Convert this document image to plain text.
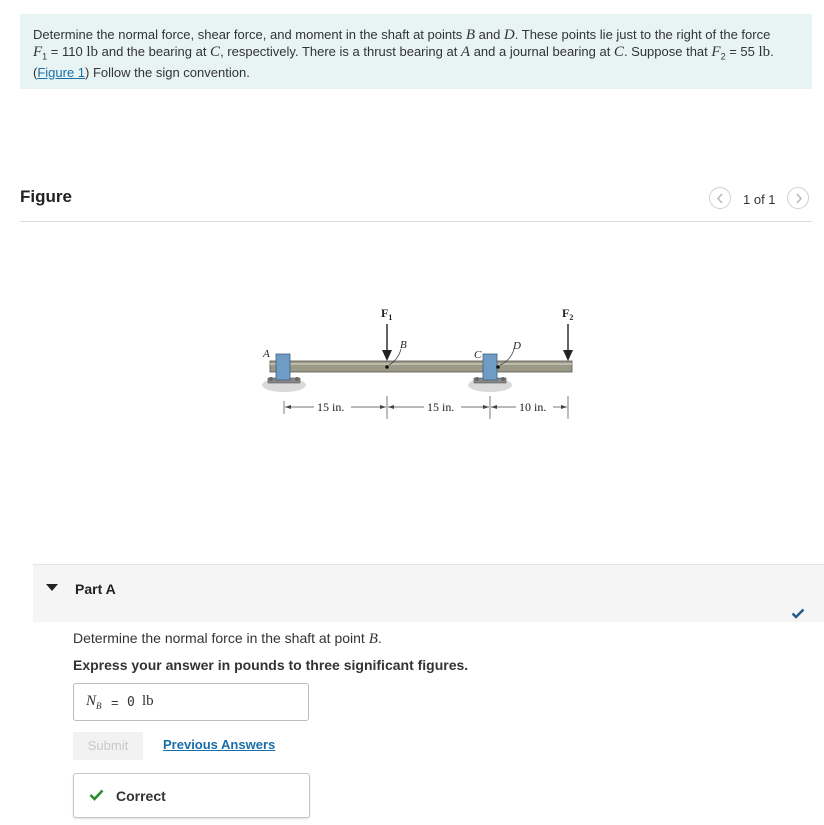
Determine the normal force, shear force, and moment in the shaft at points B and D. These points lie just to the right of the force
$F_1 = 110$ lb and the bearing at C, respectively. There is a thrust bearing at A and a journal bearing at C. Suppose that $F_2 = 55$ lb.
(Figure 1) Follow the sign convention.
Figure	1 of 1
$F_1$	$F_2$
A
B
C
D
15 in.	15 in.	10 in.
Part A
Determine the normal force in the shaft at point B.
Express your answer in pounds to three significant figures.
$N_B = 0$ lb
Submit	Previous Answers
Correct
